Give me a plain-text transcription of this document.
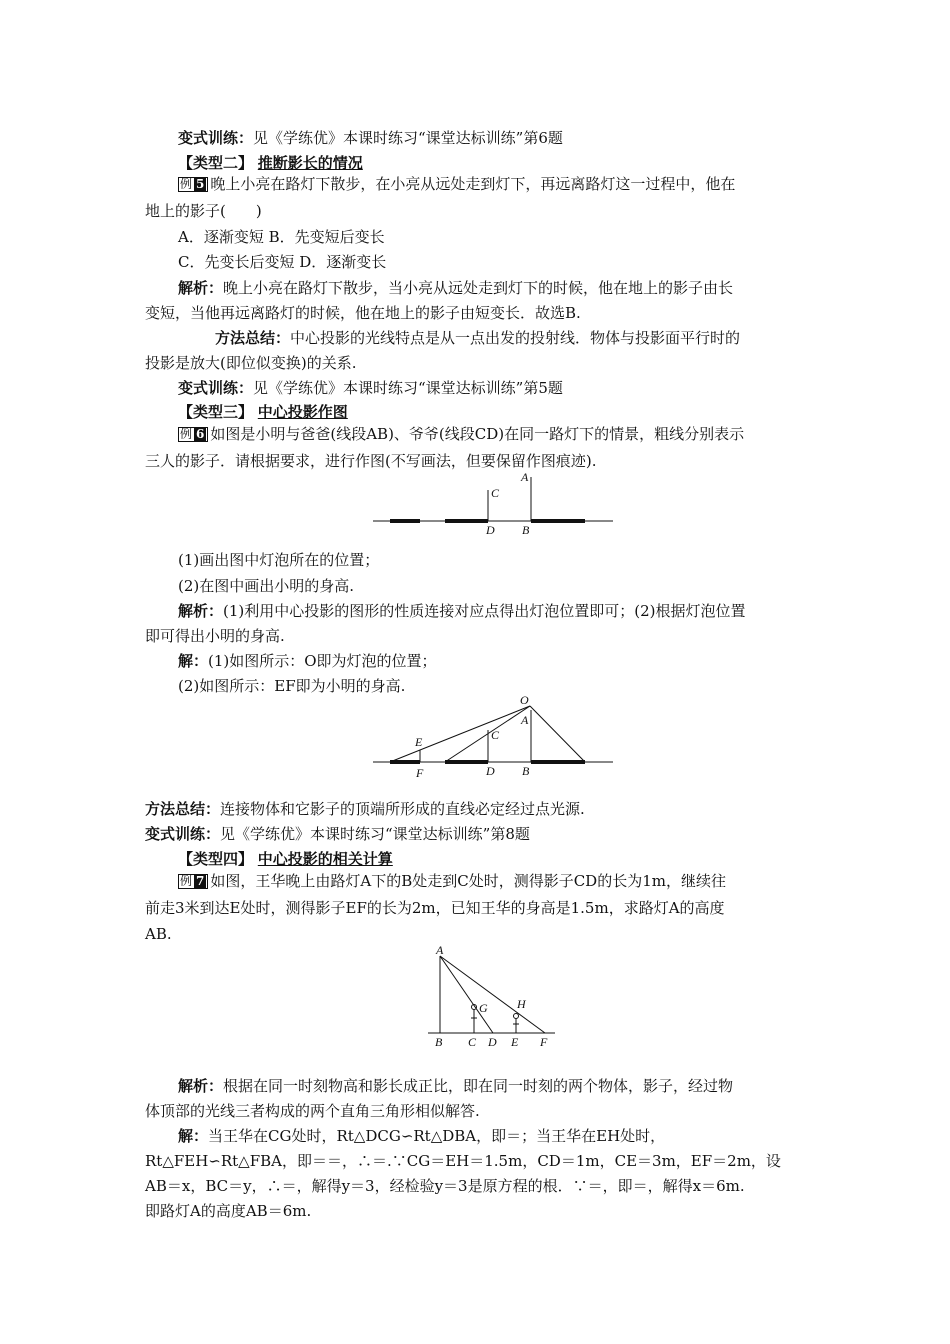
变式训练：见《学练优》本课时练习“课堂达标训练”第6题
【类型二】 推断影长的情况
例 5 晚上小亮在路灯下散步，在小亮从远处走到灯下，再远离路灯这一过程中，他在
地上的影子(　　)
A．逐渐变短 B．先变短后变长
C．先变长后变短 D．逐渐变长
解析：晚上小亮在路灯下散步，当小亮从远处走到灯下的时候，他在地上的影子由长
变短，当他再远离路灯的时候，他在地上的影子由短变长．故选B.
方法总结：中心投影的光线特点是从一点出发的投射线．物体与投影面平行时的
投影是放大(即位似变换)的关系.
变式训练：见《学练优》本课时练习“课堂达标训练”第5题
【类型三】 中心投影作图
例 6 如图是小明与爸爸(线段AB)、爷爷(线段CD)在同一路灯下的情景，粗线分别表示
三人的影子．请根据要求，进行作图(不写画法，但要保留作图痕迹).
A
C
D B
(1)画出图中灯泡所在的位置；
(2)在图中画出小明的身高.
解析：(1)利用中心投影的图形的性质连接对应点得出灯泡位置即可；(2)根据灯泡位置
即可得出小明的身高.
解：(1)如图所示：O即为灯泡的位置；
(2)如图所示：EF即为小明的身高.
O
A
C
E
F	D B
方法总结：连接物体和它影子的顶端所形成的直线必定经过点光源.
变式训练：见《学练优》本课时练习“课堂达标训练”第8题
【类型四】 中心投影的相关计算
例 7 如图，王华晚上由路灯A下的B处走到C处时，测得影子CD的长为1m，继续往
前走3米到达E处时，测得影子EF的长为2m，已知王华的身高是1.5m，求路灯A的高度
AB.
A
G H
B C D E F
解析：根据在同一时刻物高和影长成正比，即在同一时刻的两个物体，影子，经过物
体顶部的光线三者构成的两个直角三角形相似解答.
解：当王华在CG处时，Rt△DCG∽Rt△DBA，即＝；当王华在EH处时，
Rt△FEH∽Rt△FBA，即＝＝，∴＝.∵CG＝EH＝1.5m，CD＝1m，CE＝3m，EF＝2m，设
AB＝x，BC＝y，∴＝，解得y＝3，经检验y＝3是原方程的根．∵＝，即＝，解得x＝6m.
即路灯A的高度AB＝6m.
